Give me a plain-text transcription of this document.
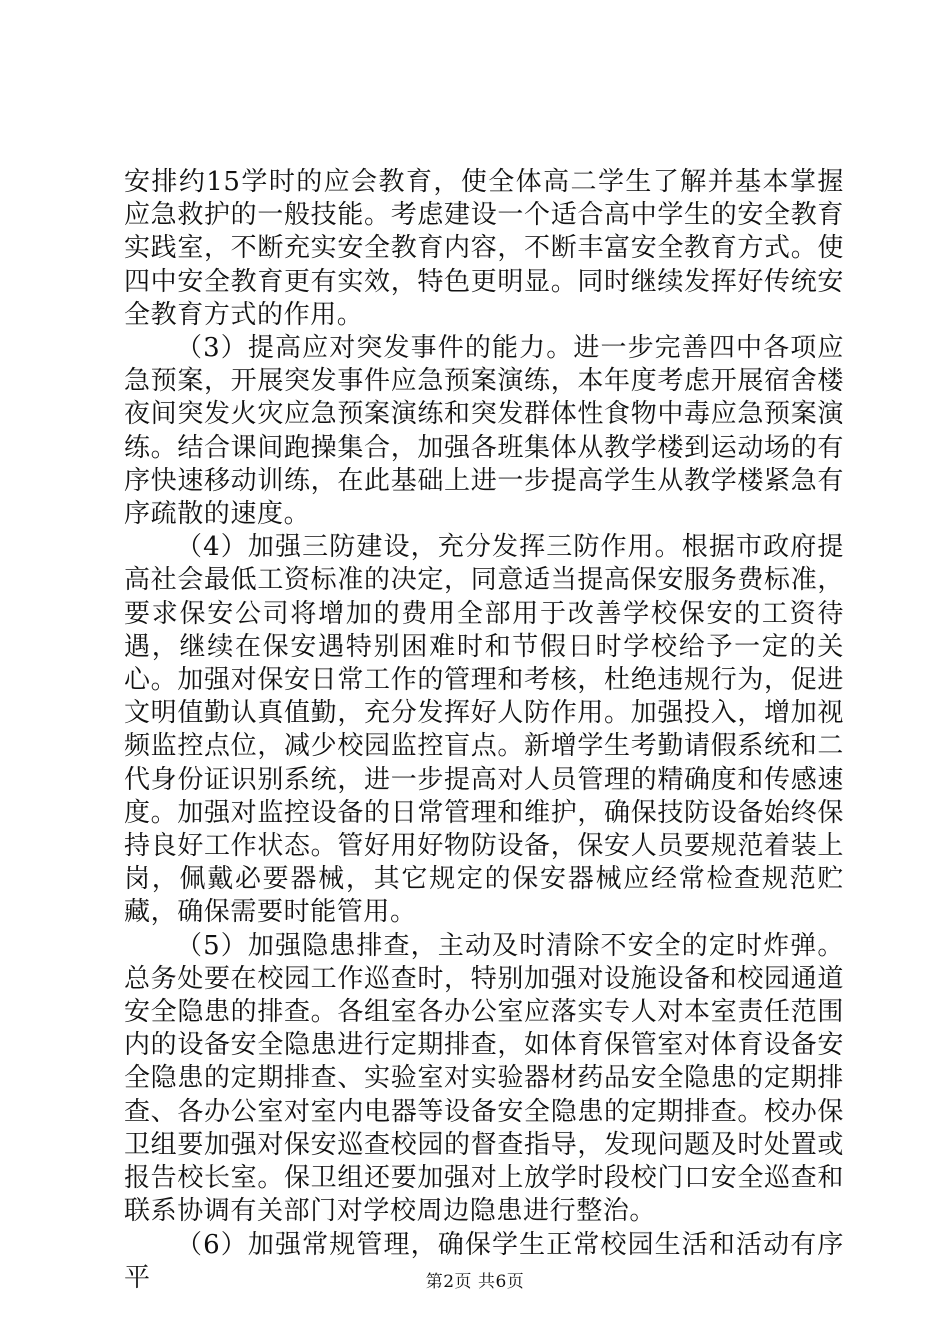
安排约15学时的应会教育，使全体高二学生了解并基本掌握应急救护的一般技能。考虑建设一个适合高中学生的安全教育实践室，不断充实安全教育内容，不断丰富安全教育方式。使四中安全教育更有实效，特色更明显。同时继续发挥好传统安全教育方式的作用。

（3）提高应对突发事件的能力。进一步完善四中各项应急预案，开展突发事件应急预案演练，本年度考虑开展宿舍楼夜间突发火灾应急预案演练和突发群体性食物中毒应急预案演练。结合课间跑操集合，加强各班集体从教学楼到运动场的有序快速移动训练，在此基础上进一步提高学生从教学楼紧急有序疏散的速度。

（4）加强三防建设，充分发挥三防作用。根据市政府提高社会最低工资标准的决定，同意适当提高保安服务费标准，要求保安公司将增加的费用全部用于改善学校保安的工资待遇，继续在保安遇特别困难时和节假日时学校给予一定的关心。加强对保安日常工作的管理和考核，杜绝违规行为，促进文明值勤认真值勤，充分发挥好人防作用。加强投入，增加视频监控点位，减少校园监控盲点。新增学生考勤请假系统和二代身份证识别系统，进一步提高对人员管理的精确度和传感速度。加强对监控设备的日常管理和维护，确保技防设备始终保持良好工作状态。管好用好物防设备，保安人员要规范着装上岗，佩戴必要器械，其它规定的保安器械应经常检查规范贮藏，确保需要时能管用。

（5）加强隐患排查，主动及时清除不安全的定时炸弹。总务处要在校园工作巡查时，特别加强对设施设备和校园通道安全隐患的排查。各组室各办公室应落实专人对本室责任范围内的设备安全隐患进行定期排查，如体育保管室对体育设备安全隐患的定期排查、实验室对实验器材药品安全隐患的定期排查、各办公室对室内电器等设备安全隐患的定期排查。校办保卫组要加强对保安巡查校园的督查指导，发现问题及时处置或报告校长室。保卫组还要加强对上放学时段校门口安全巡查和联系协调有关部门对学校周边隐患进行整治。

（6）加强常规管理，确保学生正常校园生活和活动有序平	第2页 共6页
